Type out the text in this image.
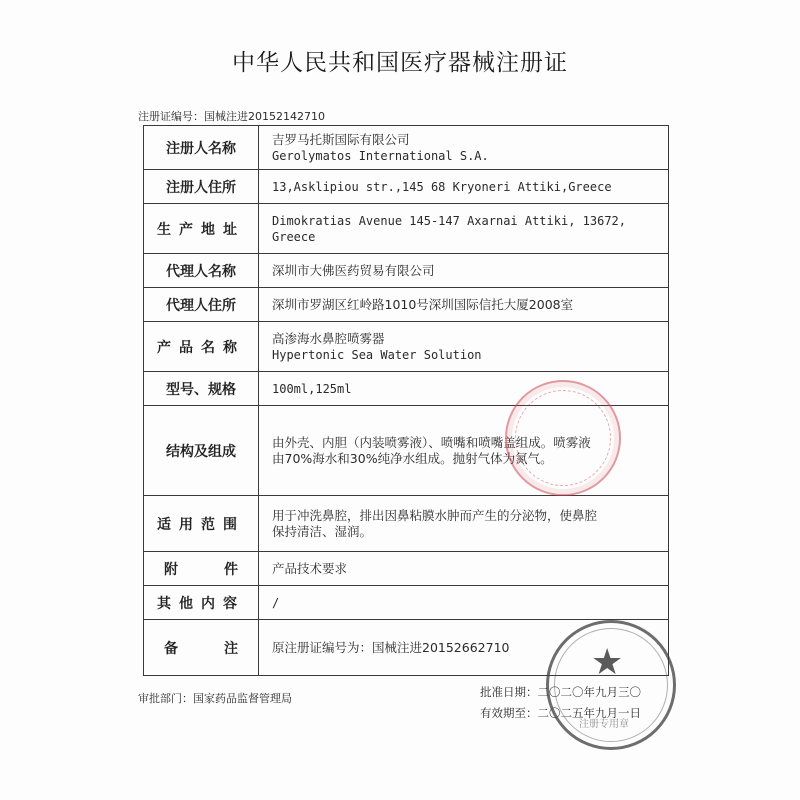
中华人民共和国医疗器械注册证
注册证编号：国械注进20152142710
注册人名称	吉罗马托斯国际有限公司
Gerolymatos International S.A.

注册人住所	13,Asklipiou str.,145 68 Kryoneri Attiki,Greece

生产地址	Dimokratias Avenue 145-147 Axarnai Attiki, 13672,
Greece

代理人名称	深圳市大佛医药贸易有限公司

代理人住所	深圳市罗湖区红岭路1010号深圳国际信托大厦2008室

产品名称	高渗海水鼻腔喷雾器
Hypertonic Sea Water Solution

型号、规格	100ml,125ml

结构及组成	由外壳、内胆（内装喷雾液）、喷嘴和喷嘴盖组成。喷雾液
由70%海水和30%纯净水组成。抛射气体为氮气。

适用范围	用于冲洗鼻腔，排出因鼻粘膜水肿而产生的分泌物，使鼻腔
保持清洁、湿润。

附 件	产品技术要求

其他内容	/

备 注	原注册证编号为：国械注进20152662710
审批部门：国家药品监督管理局	批准日期：二〇二〇年九月三〇
有效期至：二〇二五年九月一日
★
注册专用章
